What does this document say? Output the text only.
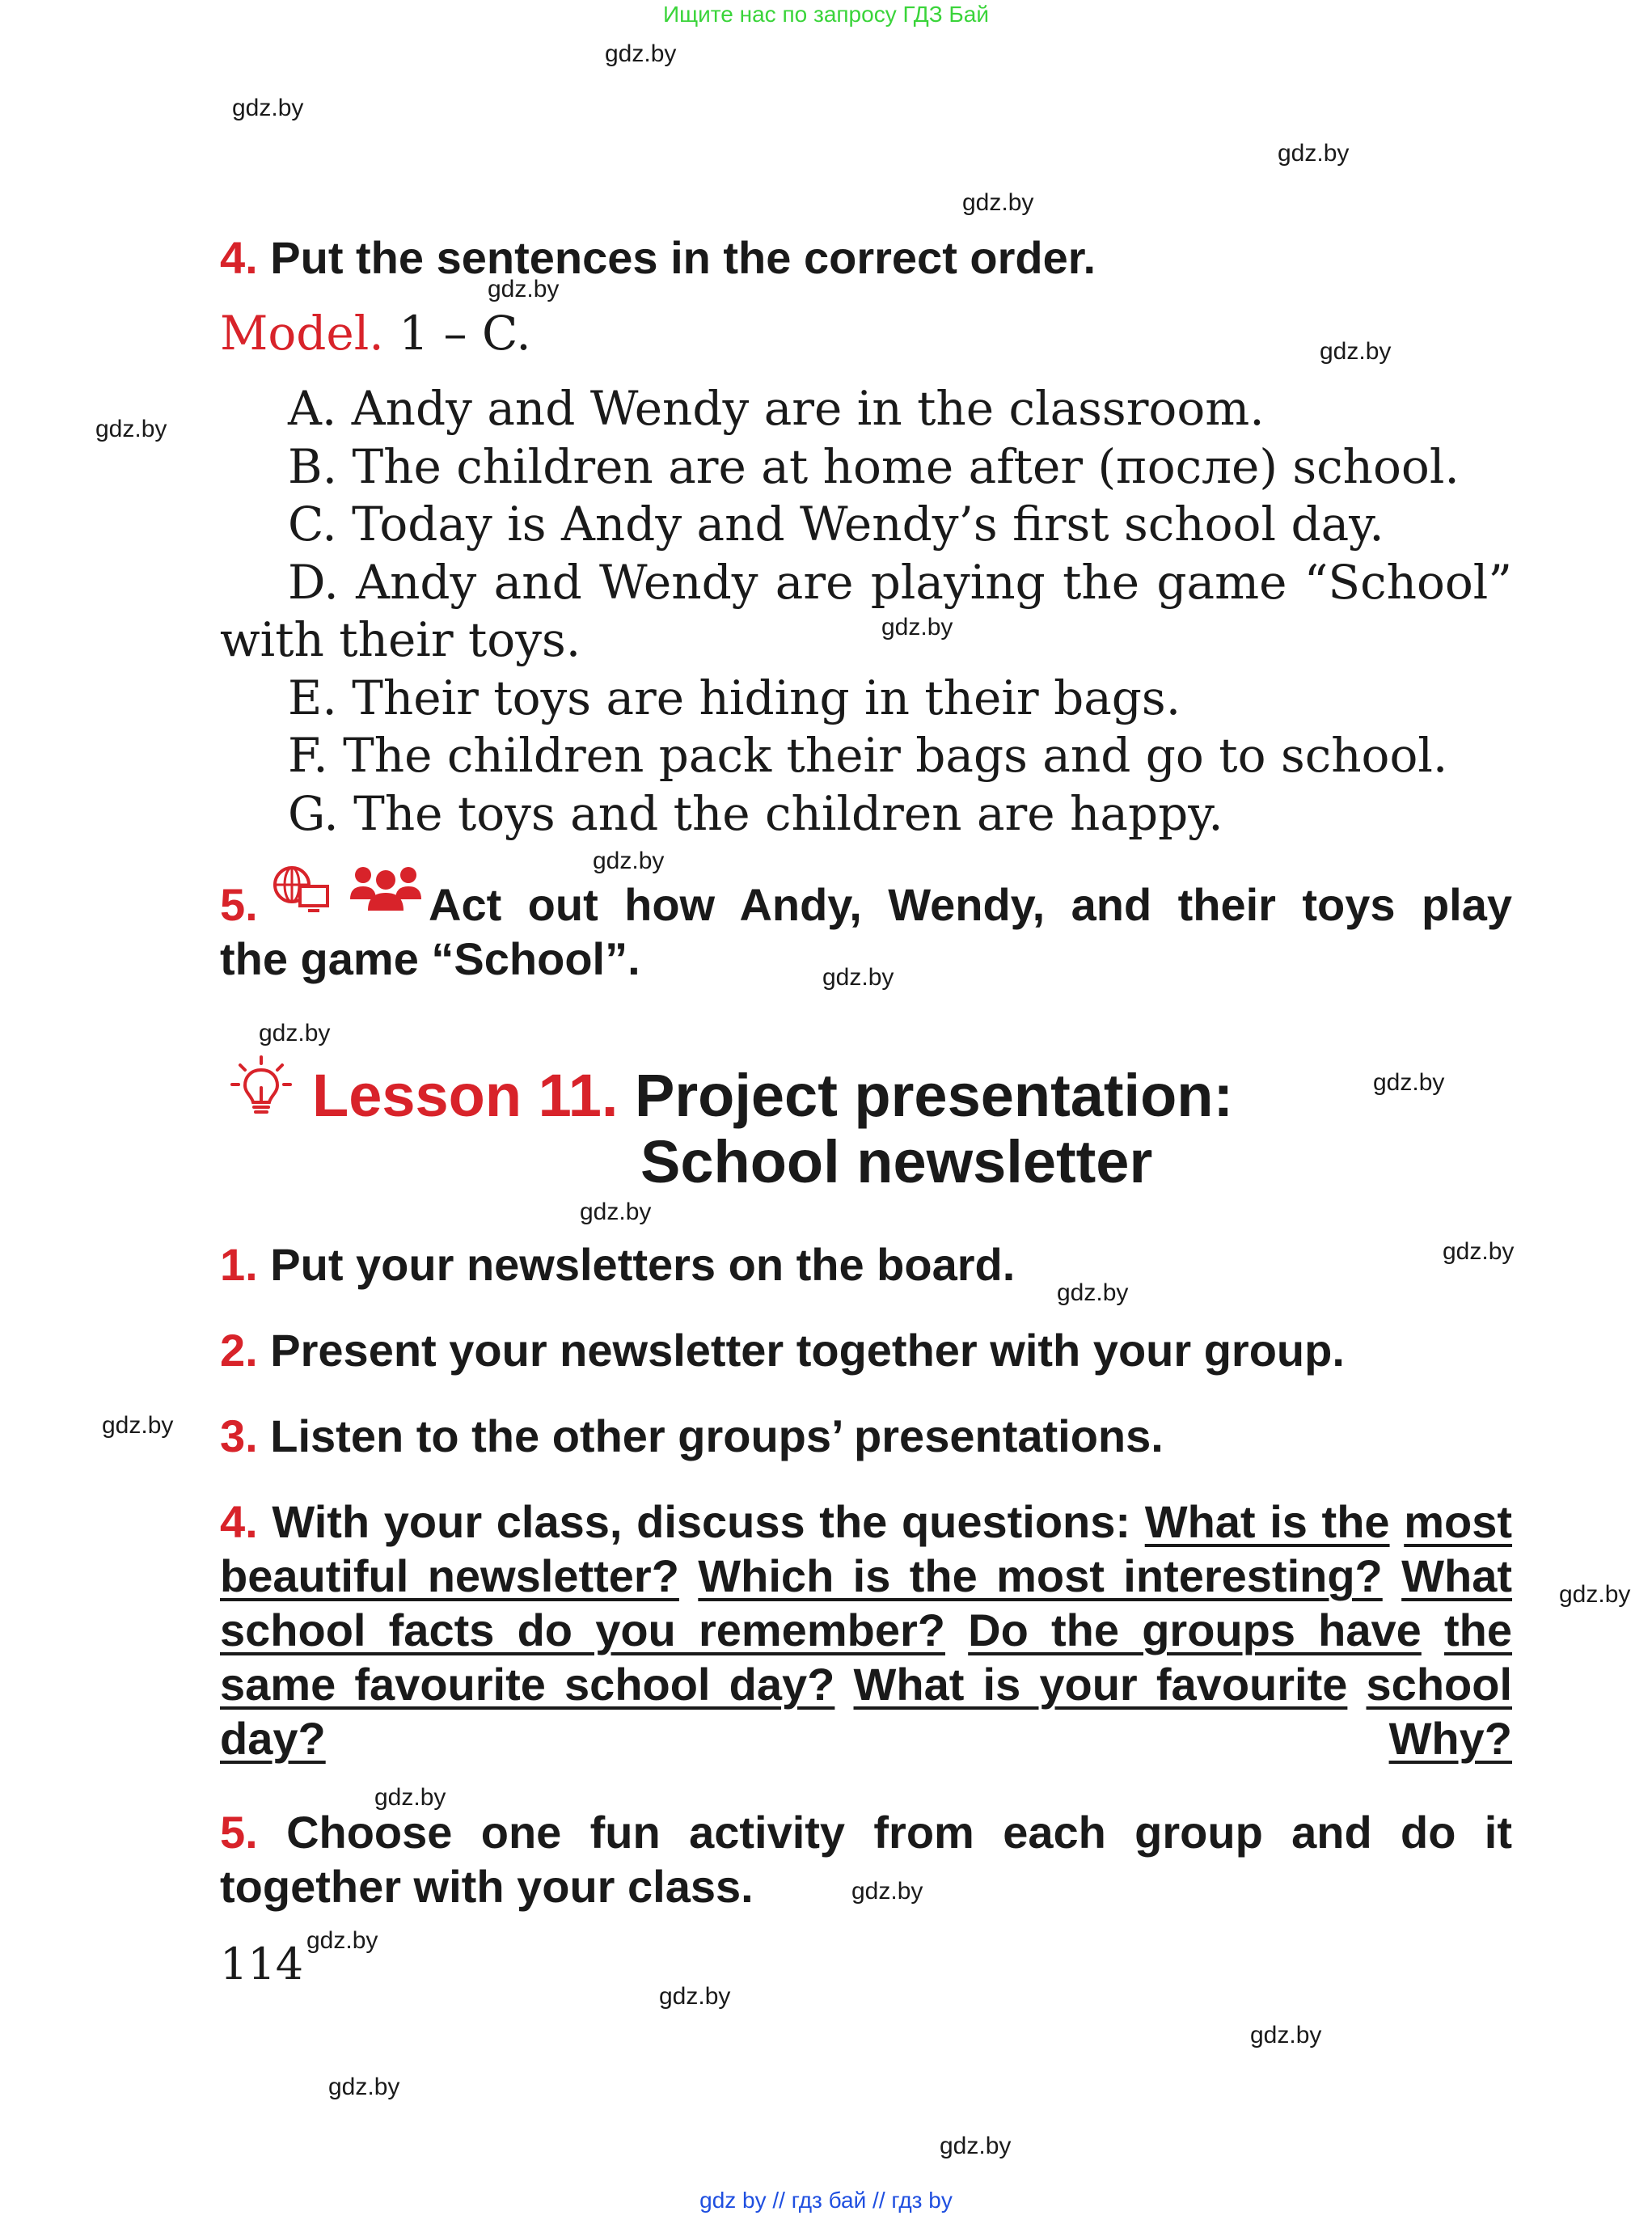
Ищите нас по запросу ГДЗ Бай
gdz by // гдз бай // гдз by
gdz.by
gdz.by
gdz.by
gdz.by
gdz.by
gdz.by
gdz.by
gdz.by
gdz.by
gdz.by
gdz.by
gdz.by
gdz.by
gdz.by
gdz.by
gdz.by
gdz.by
gdz.by
gdz.by
gdz.by
gdz.by
gdz.by
gdz.by
gdz.by
4. Put the sentences in the correct order.
Model. 1 – C.
A. Andy and Wendy are in the classroom.
B. The children are at home after (после) school.
C. Today is Andy and Wendy’s first school day.
D. Andy and Wendy are playing the game “School”
with their toys.
E. Their toys are hiding in their bags.
F. The children pack their bags and go to school.
G. The toys and the children are happy.
5.	Act out how Andy, Wendy, and their toys play
the game “School”.
Lesson 11. Project presentation:
School newsletter
1. Put your newsletters on the board.
2. Present your newsletter together with your group.
3. Listen to the other groups’ presentations.
4. With your class, discuss the questions: What is the most beautiful newsletter? Which is the most interesting? What school facts do you remember? Do the groups have the same favourite school day? What is your favourite school day?	Why?
5. Choose one fun activity from each group and do it
together with your class.
114
